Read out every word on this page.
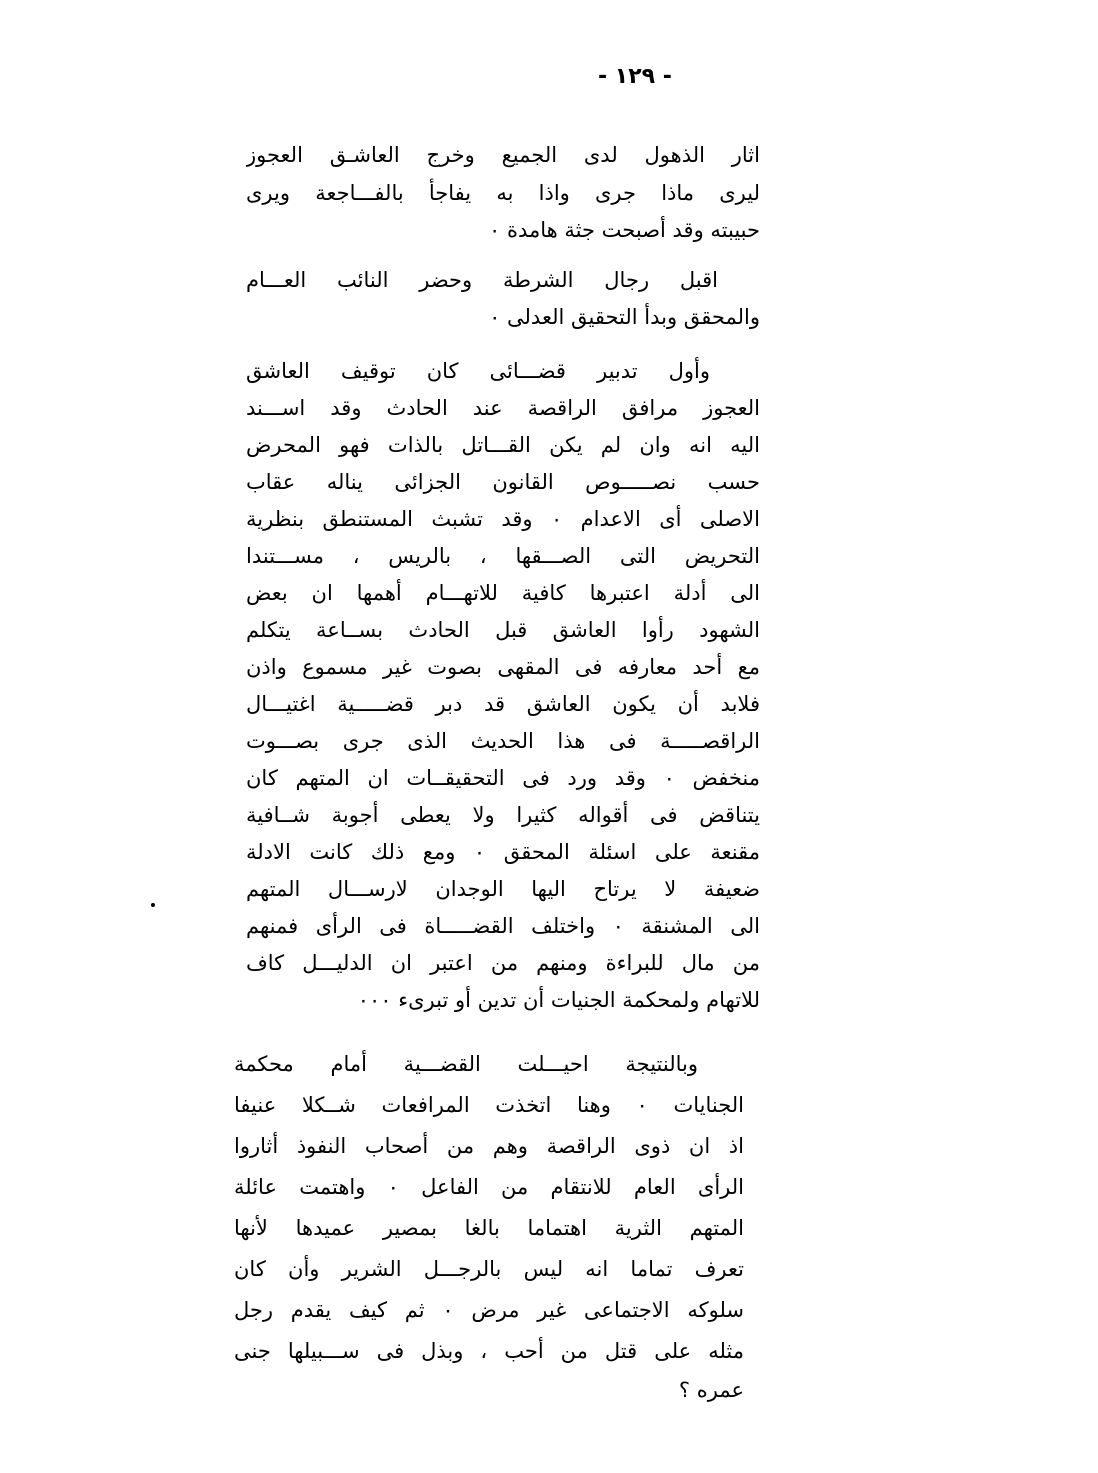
- ١٢٩ -
اثار الذهول لدى الجميع وخرج العاشـق العجوز
ليرى ماذا جرى واذا به يفاجأ بالفـــاجعة ويرى
حبيبته وقد أصبحت جثة هامدة ٠
اقبل رجال الشرطة وحضر النائب العـــام
والمحقق وبدأ التحقيق العدلى ٠
وأول تدبير قضـــائى كان توقيف العاشق
العجوز مرافق الراقصة عند الحادث وقد اســـند
اليه انه وان لم يكن القـــاتل بالذات فهو المحرض
حسب نصـــــوص القانون الجزائى يناله عقاب
الاصلى أى الاعدام ٠ وقد تشبث المستنطق بنظرية
التحريض التى الصـــقها ، بالريس ، مســـتندا
الى أدلة اعتبرها كافية للاتهـــام أهمها ان بعض
الشهود رأوا العاشق قبل الحادث بســاعة يتكلم
مع أحد معارفه فى المقهى بصوت غير مسموع واذن
فلابد أن يكون العاشق قد دبر قضـــــية اغتيـــال
الراقصـــــة فى هذا الحديث الذى جرى بصـــوت
منخفض ٠ وقد ورد فى التحقيقــات ان المتهم كان
يتناقض فى أقواله كثيرا ولا يعطى أجوبة شــافية
مقنعة على اسئلة المحقق ٠ ومع ذلك كانت الادلة
ضعيفة لا يرتاح اليها الوجدان لارســـال المتهم
الى المشنقة ٠ واختلف القضـــــاة فى الرأى فمنهم
من مال للبراءة ومنهم من اعتبر ان الدليـــل كاف
للاتهام ولمحكمة الجنيات أن تدين أو تبرىء ٠٠٠
وبالنتيجة احيـــلت القضـــية أمام محكمة
الجنايات ٠ وهنا اتخذت المرافعات شــكلا عنيفا
اذ ان ذوى الراقصة وهم من أصحاب النفوذ أثاروا
الرأى العام للانتقام من الفاعل ٠ واهتمت عائلة
المتهم الثرية اهتماما بالغا بمصير عميدها لأنها
تعرف تماما انه ليس بالرجـــل الشرير وأن كان
سلوكه الاجتماعى غير مرض ٠ ثم كيف يقدم رجل
مثله على قتل من أحب ، وبذل فى ســـبيلها جنى
عمره ؟
